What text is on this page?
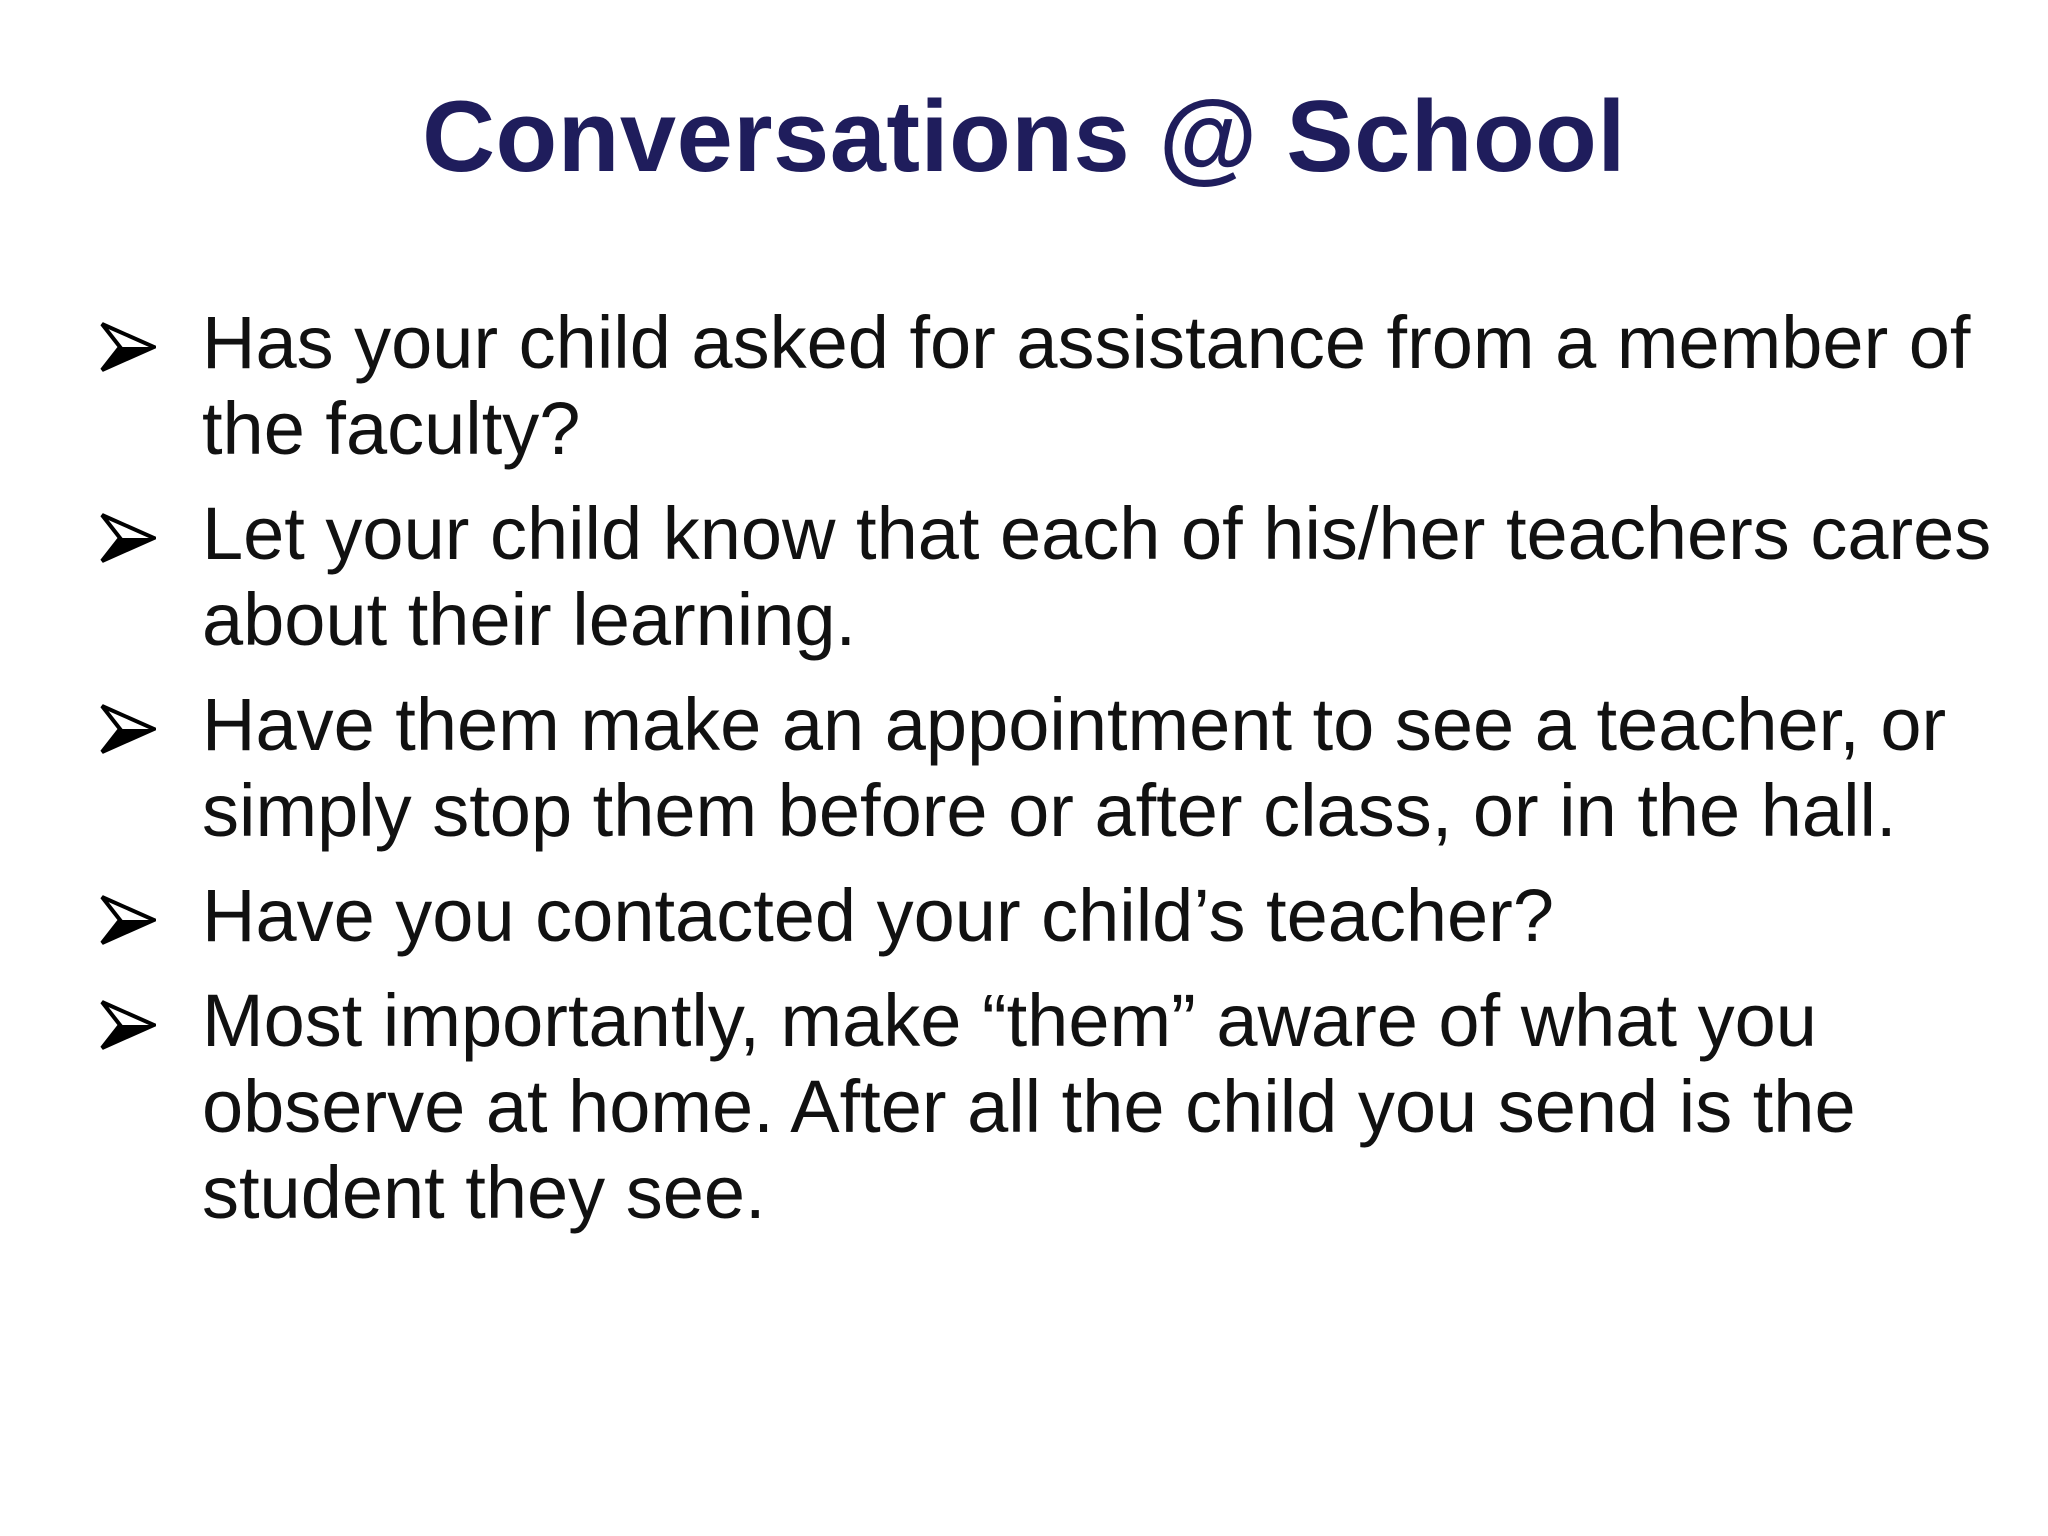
Conversations @ School
Has your child asked for assistance from a member of the faculty?
Let your child know that each of his/her teachers cares about their learning.
Have them make an appointment to see a teacher, or simply stop them before or after class, or in the hall.
Have you contacted your child’s teacher?
Most importantly, make “them” aware of what you observe at home. After all the child you send is the student they see.
